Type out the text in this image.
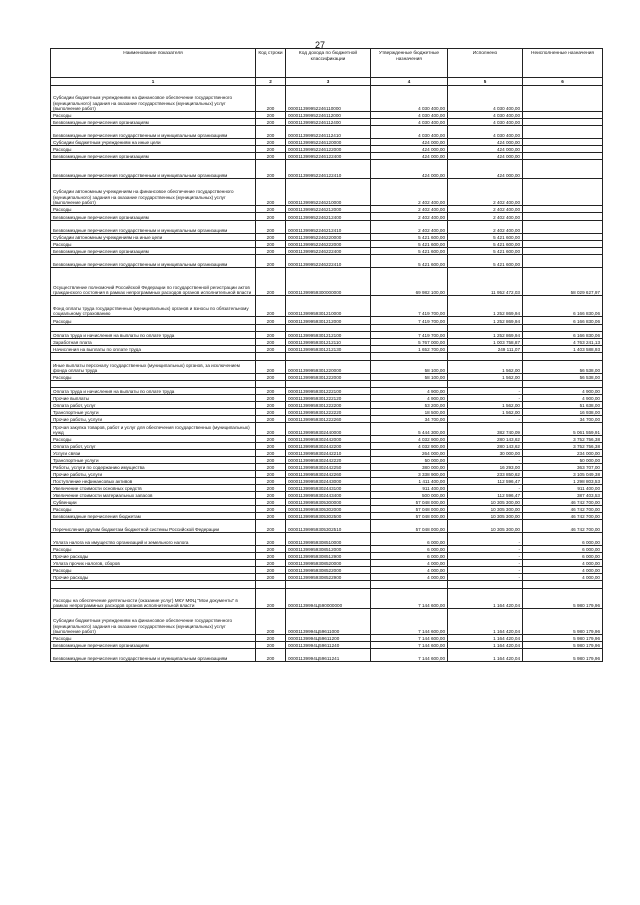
27
Наименование показателя	Код строки	Код дохода по бюджетной классификации	Утвержденные бюджетные назначения	Исполнено	Неисполненные назначения
1	2	3	4	5	6
Субсидии бюджетным учреждениям на финансовое обеспечение государственного (муниципального) задания на оказание государственных (муниципальных) услуг (выполнение работ)	200	000011399952246110000	4 030 400,00	4 030 400,00	
Расходы	200	000011399952246112000	4 030 400,00	4 030 400,00	
Безвозмездные перечисления организациям	200	000011399952246112400	4 030 400,00	4 030 400,00	
Безвозмездные перечисления государственным и муниципальным организациям	200	000011399952246112410	4 030 400,00	4 030 400,00	
Субсидии бюджетным учреждениям на иные цели	200	000011399952246120000	424 000,00	424 000,00	
Расходы	200	000011399952246122000	424 000,00	424 000,00	
Безвозмездные перечисления организациям	200	000011399952246122400	424 000,00	424 000,00	
Безвозмездные перечисления государственным и муниципальным организациям	200	000011399952246122410	424 000,00	424 000,00	
Субсидии автономным учреждениям на финансовое обеспечение государственного (муниципального) задания на оказание государственных (муниципальных) услуг (выполнение работ)	200	000011399952246210000	2 402 400,00	2 402 400,00	
Расходы	200	000011399952246212000	2 402 400,00	2 402 400,00	
Безвозмездные перечисления организациям	200	000011399952246212400	2 402 400,00	2 402 400,00	
Безвозмездные перечисления государственным и муниципальным организациям	200	000011399952246212410	2 402 400,00	2 402 400,00	
Субсидии автономным учреждениям на иные цели	200	000011399952246220000	5 421 600,00	5 421 600,00	
Расходы	200	000011399952246222000	5 421 600,00	5 421 600,00	
Безвозмездные перечисления организациям	200	000011399952246222400	5 421 600,00	5 421 600,00	
Безвозмездные перечисления государственным и муниципальным организациям	200	000011399952246222410	5 421 600,00	5 421 600,00	
Осуществление полномочий Российской Федерации по государственной регистрации актов гражданского состояния в рамках непрограммных расходов органов исполнительной власти	200	000011399959300000000	69 982 100,00	11 952 472,03	58 029 627,97
Фонд оплаты труда государственных (муниципальных) органов и взносы по обязательному социальному страхованию	200	000011399959301210000	7 419 700,00	1 252 869,94	6 166 830,06
Расходы	200	000011399959301212000	7 419 700,00	1 252 869,94	6 166 830,06

Оплата труда и начисления на выплаты по оплате труда	200	000011399959301212100	7 419 700,00	1 252 869,94	6 166 830,06
Заработная плата	200	000011399959301212110	5 767 000,00	1 003 758,87	4 763 241,13
Начисления на выплаты по оплате труда	200	000011399959301212130	1 652 700,00	249 111,07	1 403 588,93

Иные выплаты персоналу государственных (муниципальных) органов, за исключением фонда оплаты труда	200	000011399959301220000	58 100,00	1 562,00	56 538,00
Расходы	200	000011399959301222000	58 100,00	1 562,00	56 538,00

Оплата труда и начисления на выплаты по оплате труда	200	000011399959301222100	4 900,00	-	4 900,00
Прочие выплаты	200	000011399959301222120	4 900,00	-	4 900,00
Оплата работ, услуг	200	000011399959301222200	53 200,00	1 562,00	51 638,00
Транспортные услуги	200	000011399959301222220	18 500,00	1 562,00	16 938,00
Прочие работы, услуги	200	000011399959301222260	34 700,00	-	34 700,00
Прочая закупка товаров, работ и услуг для обеспечения государственных (муниципальных) нужд	200	000011399959302440000	5 444 300,00	382 740,09	5 061 559,91
Расходы	200	000011399959302442000	4 032 900,00	280 143,62	3 752 756,38
Оплата работ, услуг	200	000011399959302442200	4 032 900,00	280 143,62	3 752 756,38
Услуги связи	200	000011399959302442210	264 000,00	30 000,00	234 000,00
Транспортные услуги	200	000011399959302442220	50 000,00	-	50 000,00
Работы, услуги по содержанию имущества	200	000011399959302442250	380 000,00	16 293,00	363 707,00
Прочие работы, услуги	200	000011399959302442260	3 338 900,00	233 850,62	3 105 049,38
Поступление нефинансовых активов	200	000011399959302443000	1 411 400,00	112 596,47	1 298 803,53
Увеличение стоимости основных средств	200	000011399959302443100	911 400,00	-	911 400,00
Увеличение стоимости материальных запасов	200	000011399959302443400	500 000,00	112 596,47	387 403,53
Субвенции	200	000011399959305300000	57 048 000,00	10 305 300,00	46 742 700,00
Расходы	200	000011399959305302000	57 048 000,00	10 305 300,00	46 742 700,00
Безвозмездные перечисления бюджетам	200	000011399959305302500	57 048 000,00	10 305 300,00	46 742 700,00
Перечисления другим бюджетам бюджетной системы Российской Федерации	200	000011399959305302510	57 048 000,00	10 305 300,00	46 742 700,00
Уплата налога на имущество организаций и земельного налога	200	000011399959308510000	6 000,00	-	6 000,00
Расходы	200	000011399959308512000	6 000,00	-	6 000,00
Прочие расходы	200	000011399959308512900	6 000,00	-	6 000,00
Уплата прочих налогов, сборов	200	000011399959308520000	4 000,00	-	4 000,00
Расходы	200	000011399959308522000	4 000,00	-	4 000,00
Прочие расходы	200	000011399959308522900	4 000,00	-	4 000,00

Расходы на обеспечение деятельности (оказание услуг) МКУ МФЦ "Мои документы" в рамках непрограммных расходов органов исполнительной власти	200	00001139994Ц590000000	7 144 600,00	1 164 420,04	5 980 179,96
Субсидии бюджетным учреждениям на финансовое обеспечение государственного (муниципального) задания на оказание государственных (муниципальных) услуг (выполнение работ)	200	00001139994Ц59611000	7 144 600,00	1 164 420,04	5 980 179,96
Расходы	200	00001139994Ц59611200	7 144 600,00	1 164 420,04	5 980 179,96
Безвозмездные перечисления организациям	200	00001139994Ц59611240	7 144 600,00	1 164 420,04	5 980 179,96
Безвозмездные перечисления государственным и муниципальным организациям	200	00001139994Ц59611241	7 144 600,00	1 164 420,04	5 980 179,96
